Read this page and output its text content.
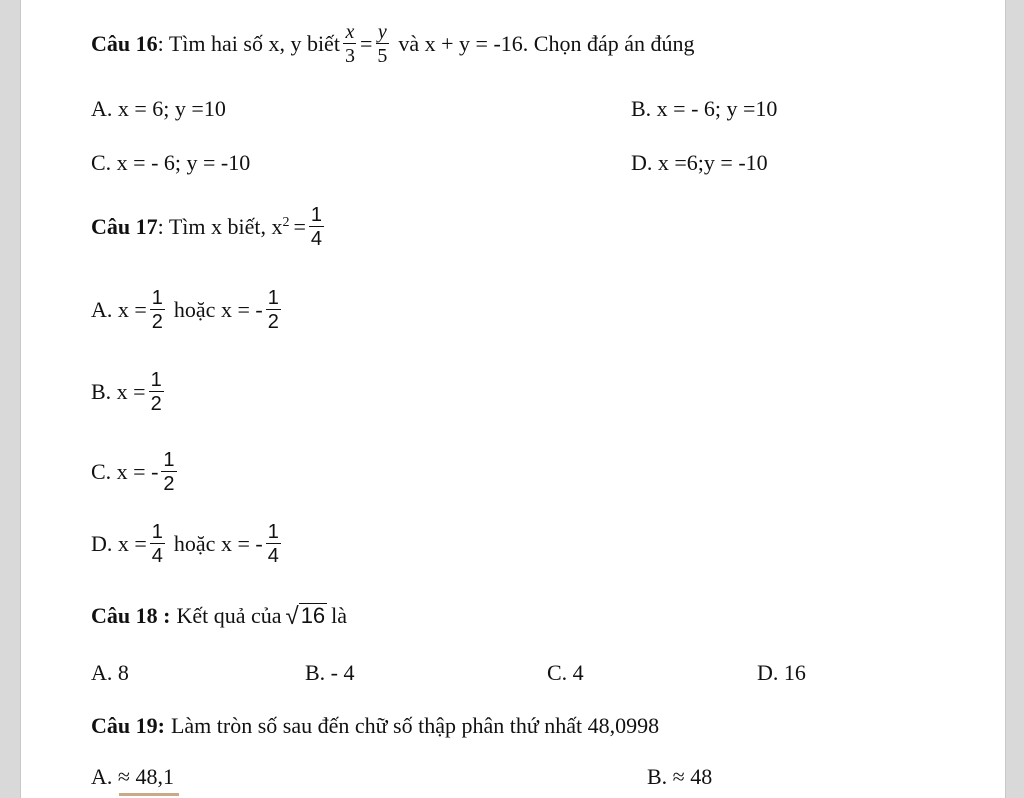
Câu 16 : Tìm hai số x, y biết $\frac{x}{3} = \frac{y}{5}$ và x + y = -16. Chọn đáp án đúng
A. x = 6; y =10	B. x = - 6; y =10
C. x = - 6; y = -10	D. x =6;y = -10
Câu 17 : Tìm x biết, $x^2 = \frac{1}{4}$
A. $x = \frac{1}{2}$ hoặc x = - $\frac{1}{2}$
B. $x = \frac{1}{2}$
C. x = - $\frac{1}{2}$
D. $x = \frac{1}{4}$ hoặc x = - $\frac{1}{4}$
Câu 18 : Kết quả của √ 16 là
A. 8	B. - 4	C. 4	D. 16
Câu 19: Làm tròn số sau đến chữ số thập phân thứ nhất 48,0998
A. ≈ 48,1	B. ≈ 48
